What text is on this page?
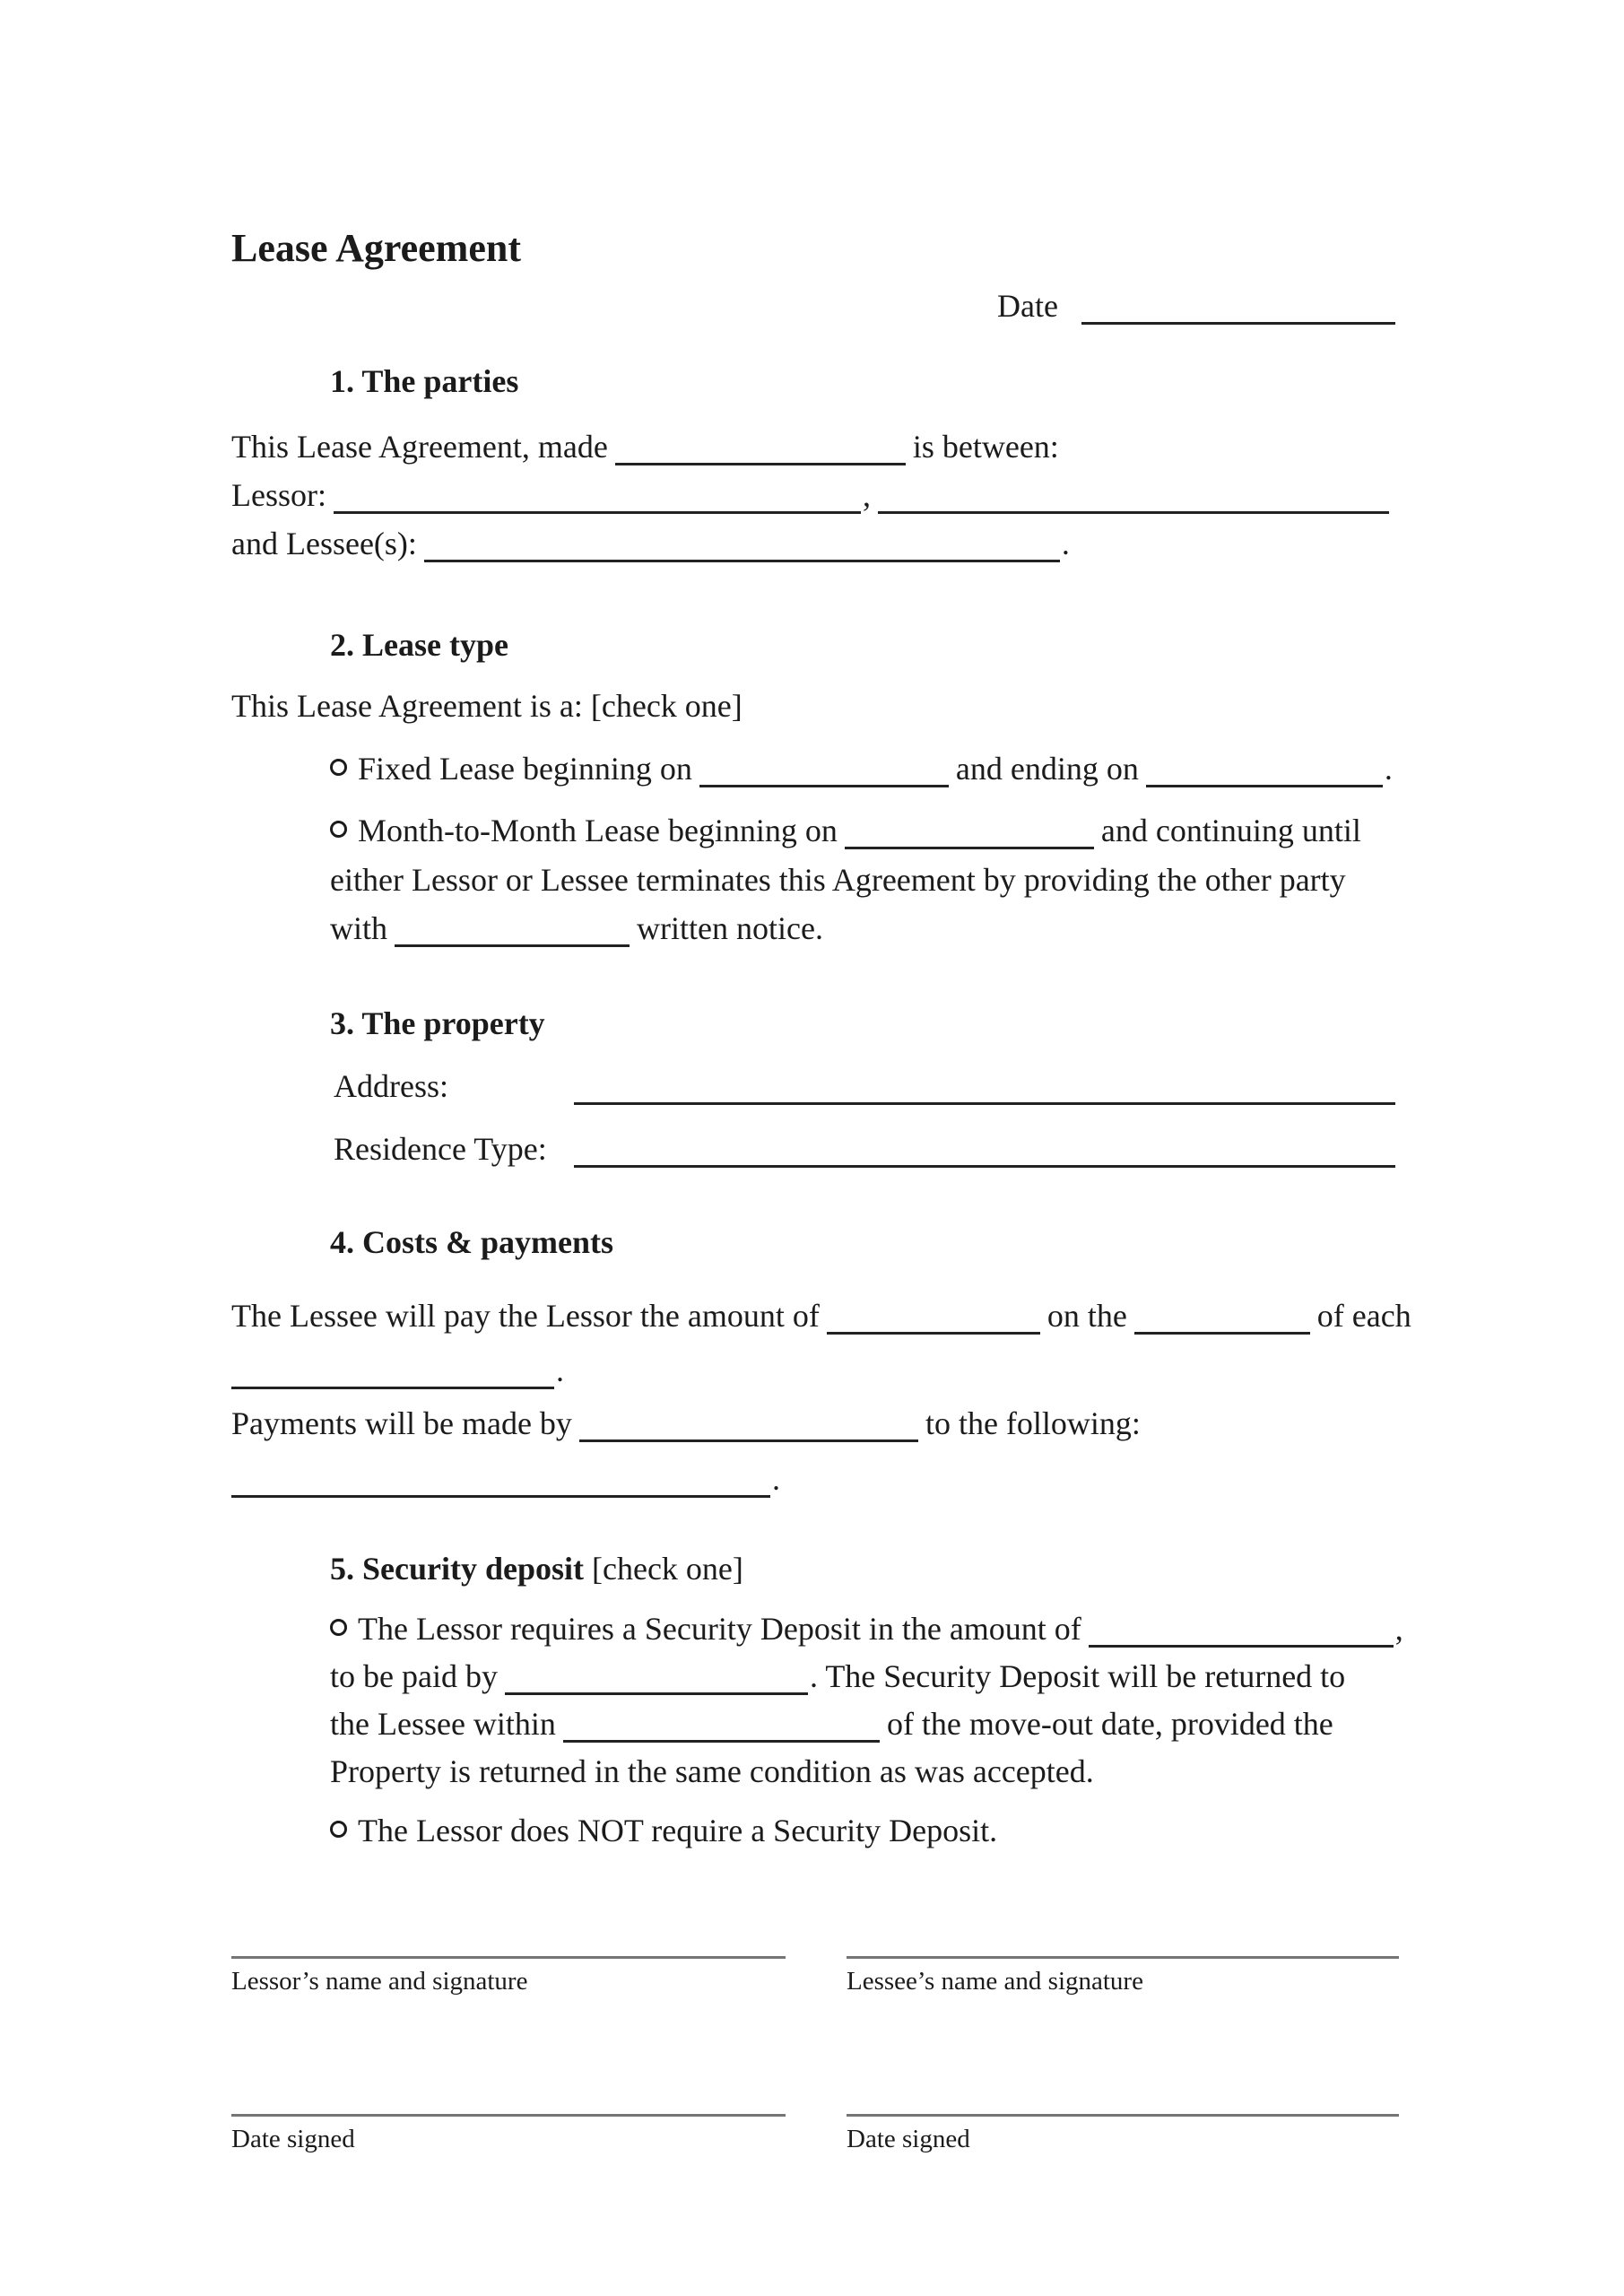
Lease Agreement
Date
1. The parties
This Lease Agreement, made	is between:
Lessor:	,
and Lessee(s):	.
2. Lease type
This Lease Agreement is a: [check one]
Fixed Lease beginning on	and ending on	.
Month-to-Month Lease beginning on	and continuing until
either Lessor or Lessee terminates this Agreement by providing the other party
with	written notice.
3. The property
Address:
Residence Type:
4. Costs & payments
The Lessee will pay the Lessor the amount of	on the	of each
.
Payments will be made by	to the following:
.
5. Security deposit [check one]
The Lessor requires a Security Deposit in the amount of	,
to be paid by	. The Security Deposit will be returned to
the Lessee within	of the move-out date, provided the
Property is returned in the same condition as was accepted.
The Lessor does NOT require a Security Deposit.
Lessor’s name and signature	Lessee’s name and signature
Date signed	Date signed
